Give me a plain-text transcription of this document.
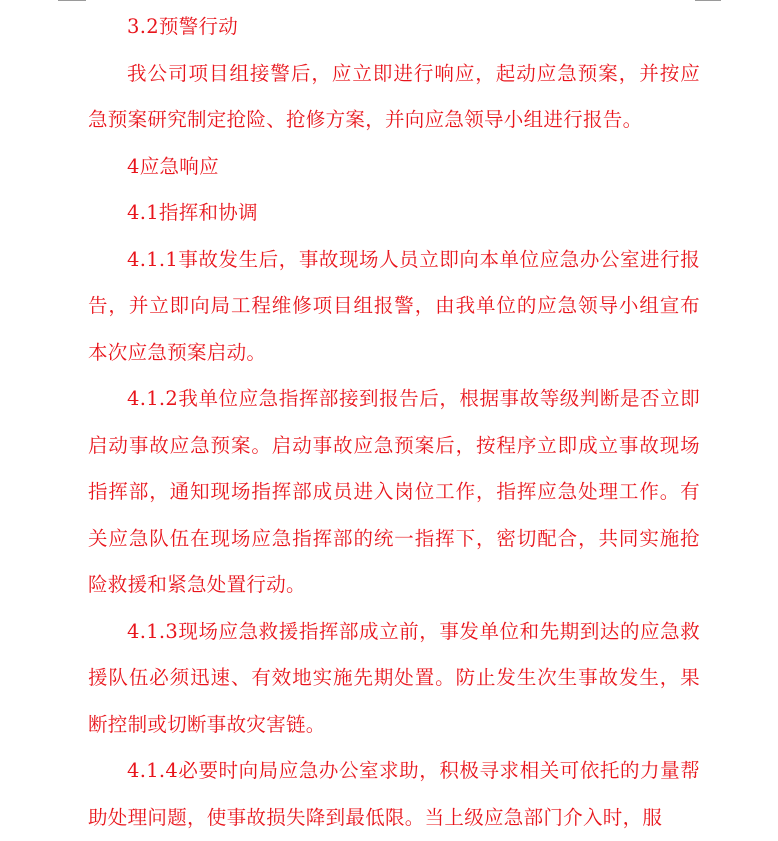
3.2预警行动

我公司项目组接警后，应立即进行响应，起动应急预案，并按应急预案研究制定抢险、抢修方案，并向应急领导小组进行报告。

4应急响应

4.1指挥和协调

4.1.1事故发生后，事故现场人员立即向本单位应急办公室进行报告，并立即向局工程维修项目组报警，由我单位的应急领导小组宣布本次应急预案启动。

4.1.2我单位应急指挥部接到报告后，根据事故等级判断是否立即启动事故应急预案。启动事故应急预案后，按程序立即成立事故现场指挥部，通知现场指挥部成员进入岗位工作，指挥应急处理工作。有关应急队伍在现场应急指挥部的统一指挥下，密切配合，共同实施抢险救援和紧急处置行动。

4.1.3现场应急救援指挥部成立前，事发单位和先期到达的应急救援队伍必须迅速、有效地实施先期处置。防止发生次生事故发生，果断控制或切断事故灾害链。

4.1.4必要时向局应急办公室求助，积极寻求相关可依托的力量帮助处理问题，使事故损失降到最低限。当上级应急部门介入时，服
